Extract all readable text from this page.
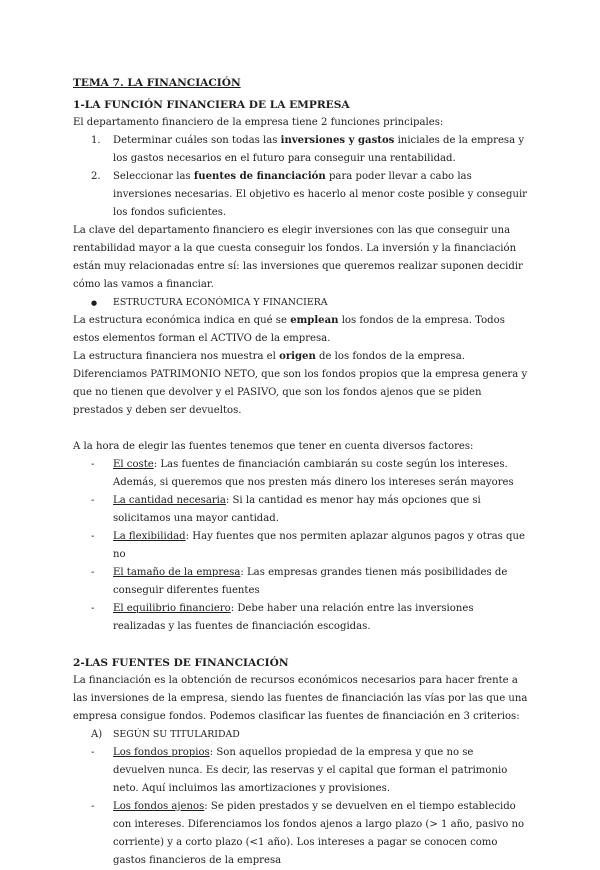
TEMA 7. LA FINANCIACIÓN

1-LA FUNCIÓN FINANCIERA DE LA EMPRESA

El departamento financiero de la empresa tiene 2 funciones principales:

1. Determinar cuáles son todas las inversiones y gastos iniciales de la empresa y los gastos necesarios en el futuro para conseguir una rentabilidad.
2. Seleccionar las fuentes de financiación para poder llevar a cabo las inversiones necesarias. El objetivo es hacerlo al menor coste posible y conseguir los fondos suficientes.

La clave del departamento financiero es elegir inversiones con las que conseguir una rentabilidad mayor a la que cuesta conseguir los fondos. La inversión y la financiación están muy relacionadas entre sí: las inversiones que queremos realizar suponen decidir cómo las vamos a financiar.

● ESTRUCTURA ECONÓMICA Y FINANCIERA

La estructura económica indica en qué se emplean los fondos de la empresa. Todos estos elementos forman el ACTIVO de la empresa.

La estructura financiera nos muestra el origen de los fondos de la empresa. Diferenciamos PATRIMONIO NETO, que son los fondos propios que la empresa genera y que no tienen que devolver y el PASIVO, que son los fondos ajenos que se piden prestados y deben ser devueltos.

A la hora de elegir las fuentes tenemos que tener en cuenta diversos factores:

- El coste: Las fuentes de financiación cambiarán su coste según los intereses. Además, si queremos que nos presten más dinero los intereses serán mayores
- La cantidad necesaria: Si la cantidad es menor hay más opciones que si solicitamos una mayor cantidad.
- La flexibilidad: Hay fuentes que nos permiten aplazar algunos pagos y otras que no
- El tamaño de la empresa: Las empresas grandes tienen más posibilidades de conseguir diferentes fuentes
- El equilibrio financiero: Debe haber una relación entre las inversiones realizadas y las fuentes de financiación escogidas.

2-LAS FUENTES DE FINANCIACIÓN

La financiación es la obtención de recursos económicos necesarios para hacer frente a las inversiones de la empresa, siendo las fuentes de financiación las vías por las que una empresa consigue fondos. Podemos clasificar las fuentes de financiación en 3 criterios:

A) SEGÚN SU TITULARIDAD
- Los fondos propios: Son aquellos propiedad de la empresa y que no se devuelven nunca. Es decir, las reservas y el capital que forman el patrimonio neto. Aquí incluimos las amortizaciones y provisiones.
- Los fondos ajenos: Se piden prestados y se devuelven en el tiempo establecido con intereses. Diferenciamos los fondos ajenos a largo plazo (> 1 año, pasivo no corriente) y a corto plazo (<1 año). Los intereses a pagar se conocen como gastos financieros de la empresa
